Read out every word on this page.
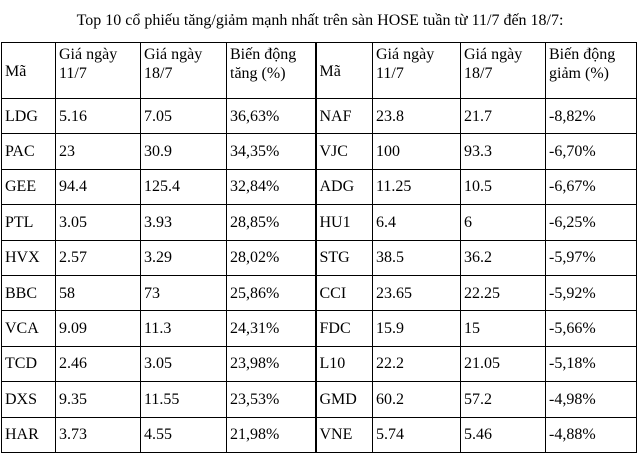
Top 10 cổ phiếu tăng/giảm mạnh nhất trên sàn HOSE tuần từ 11/7 đến 18/7:
Mã	Giá ngày 11/7	Giá ngày 18/7	Biến động tăng (%)	Mã	Giá ngày 11/7	Giá ngày 18/7	Biến động giảm (%)
LDG	5.16	7.05	36,63%	NAF	23.8	21.7	-8,82%
PAC	23	30.9	34,35%	VJC	100	93.3	-6,70%
GEE	94.4	125.4	32,84%	ADG	11.25	10.5	-6,67%
PTL	3.05	3.93	28,85%	HU1	6.4	6	-6,25%
HVX	2.57	3.29	28,02%	STG	38.5	36.2	-5,97%
BBC	58	73	25,86%	CCI	23.65	22.25	-5,92%
VCA	9.09	11.3	24,31%	FDC	15.9	15	-5,66%
TCD	2.46	3.05	23,98%	L10	22.2	21.05	-5,18%
DXS	9.35	11.55	23,53%	GMD	60.2	57.2	-4,98%
HAR	3.73	4.55	21,98%	VNE	5.74	5.46	-4,88%
